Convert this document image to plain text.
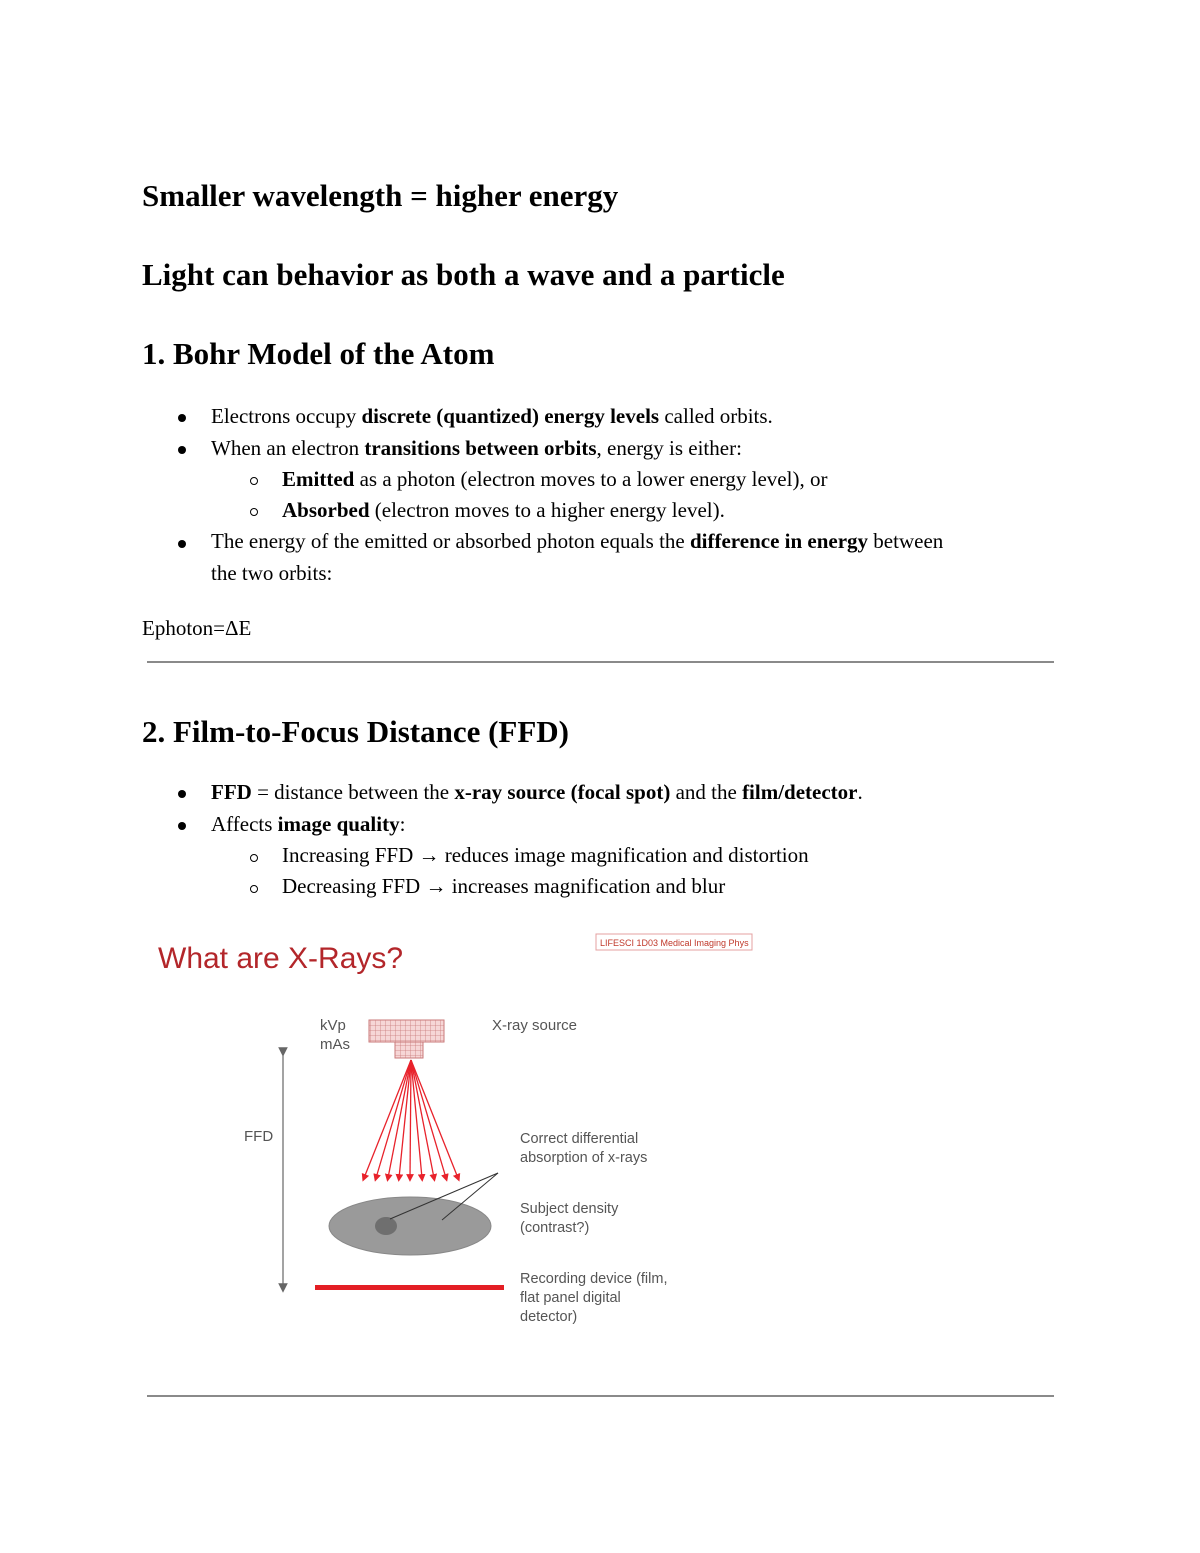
Smaller wavelength = higher energy
Light can behavior as both a wave and a particle
1. Bohr Model of the Atom
Electrons occupy discrete (quantized) energy levels called orbits.
When an electron transitions between orbits, energy is either:
Emitted as a photon (electron moves to a lower energy level), or
Absorbed (electron moves to a higher energy level).
The energy of the emitted or absorbed photon equals the difference in energy between
the two orbits:
Ephoton=ΔE
2. Film-to-Focus Distance (FFD)
FFD = distance between the x-ray source (focal spot) and the film/detector.
Affects image quality:
Increasing FFD → reduces image magnification and distortion
Decreasing FFD → increases magnification and blur
What are X-Rays?	LIFESCI 1D03 Medical Imaging Phys
kVp
mAs
X-ray source
FFD	Correct differential
absorption of x-rays
Subject density
(contrast?)
Recording device (film,
flat panel digital
detector)
